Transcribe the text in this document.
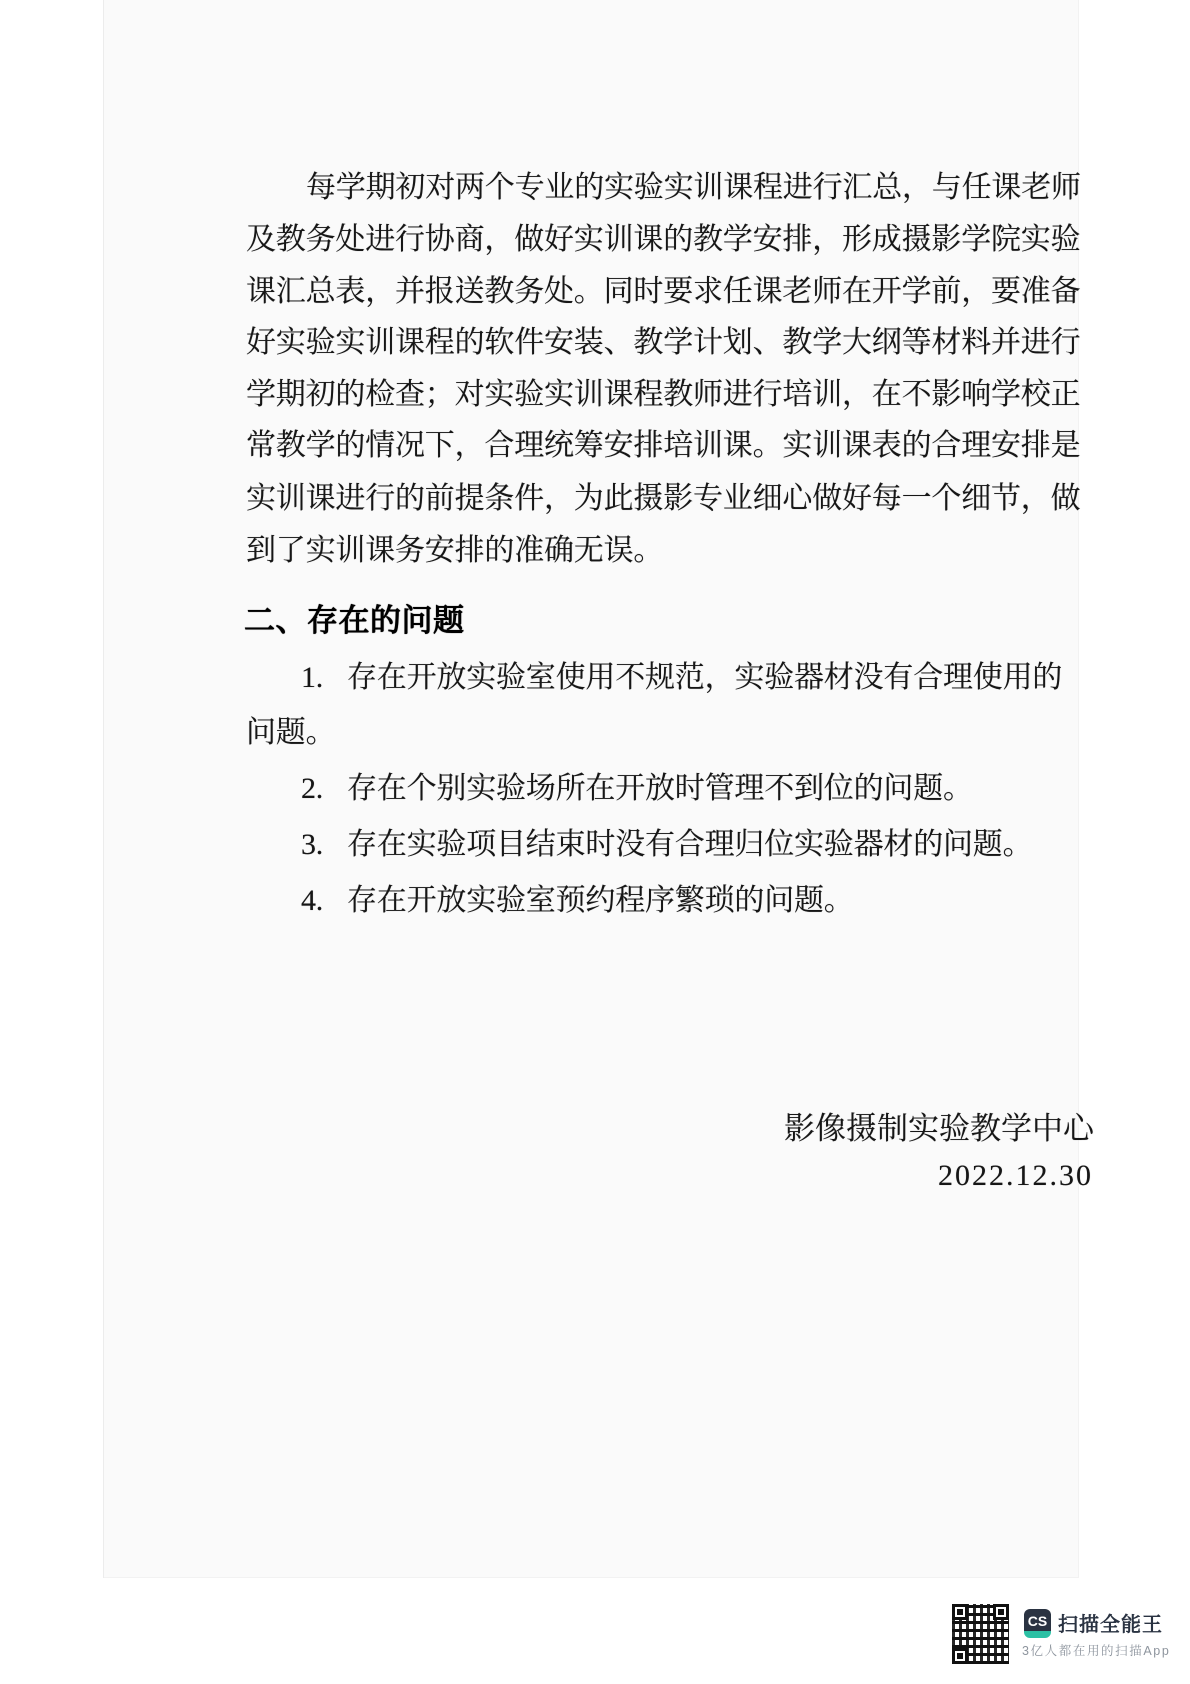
每学期初对两个专业的实验实训课程进行汇总，与任课老师
及教务处进行协商，做好实训课的教学安排，形成摄影学院实验
课汇总表，并报送教务处。同时要求任课老师在开学前，要准备
好实验实训课程的软件安装、教学计划、教学大纲等材料并进行
学期初的检查；对实验实训课程教师进行培训，在不影响学校正
常教学的情况下，合理统筹安排培训课。实训课表的合理安排是
实训课进行的前提条件，为此摄影专业细心做好每一个细节，做
到了实训课务安排的准确无误。
二、存在的问题
1. 存在开放实验室使用不规范，实验器材没有合理使用的
问题。
2. 存在个别实验场所在开放时管理不到位的问题。
3. 存在实验项目结束时没有合理归位实验器材的问题。
4. 存在开放实验室预约程序繁琐的问题。
影像摄制实验教学中心
2022.12.30
CS 扫描全能王
3亿人都在用的扫描App
